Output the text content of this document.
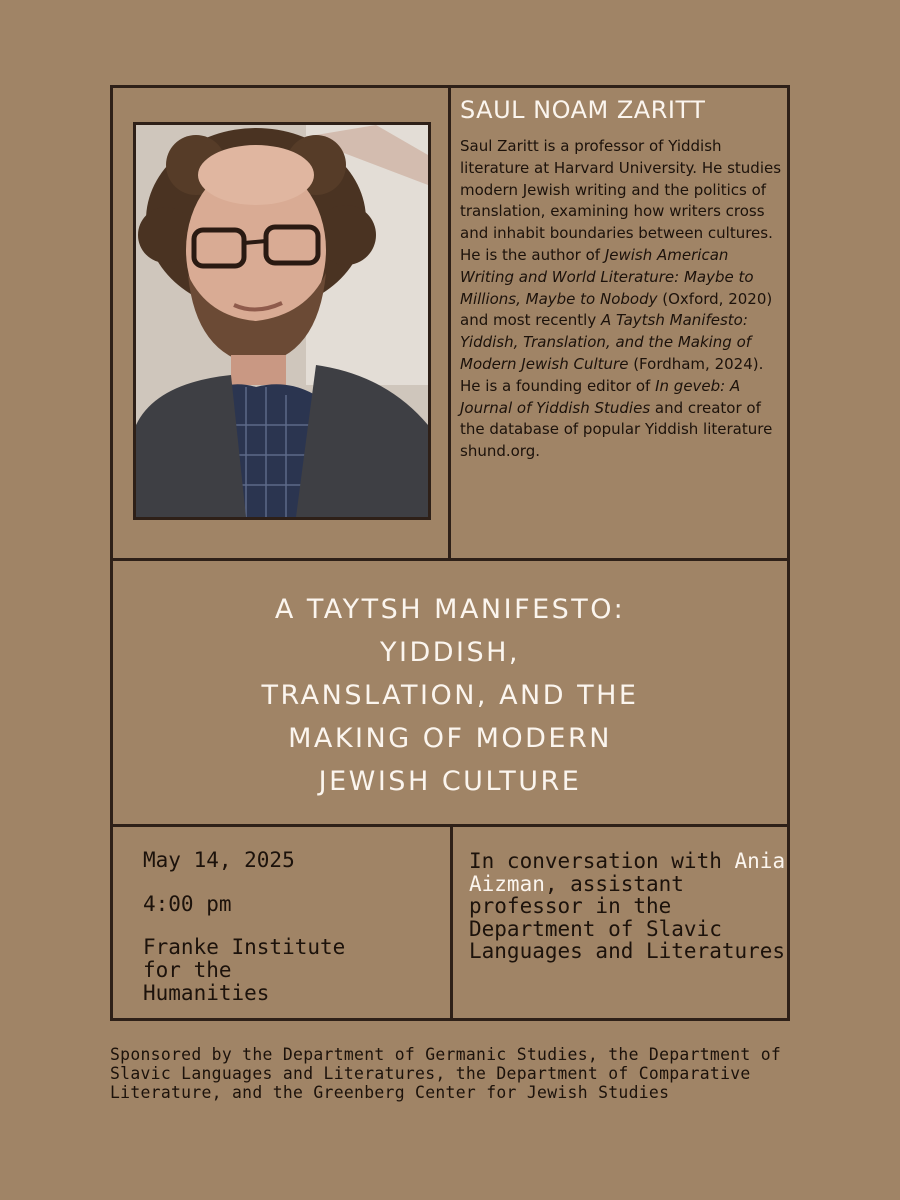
SAUL NOAM ZARITT

Saul Zaritt is a professor of Yiddish literature at Harvard University. He studies modern Jewish writing and the politics of translation, examining how writers cross and inhabit boundaries between cultures. He is the author of Jewish American Writing and World Literature: Maybe to Millions, Maybe to Nobody (Oxford, 2020) and most recently A Taytsh Manifesto: Yiddish, Translation, and the Making of Modern Jewish Culture (Fordham, 2024). He is a founding editor of In geveb: A Journal of Yiddish Studies and creator of the database of popular Yiddish literature shund.org.

A TAYTSH MANIFESTO:
YIDDISH,
TRANSLATION, AND THE
MAKING OF MODERN
JEWISH CULTURE
May 14, 2025
4:00 pm
Franke Institute
for the
Humanities
In conversation with Ania Aizman, assistant professor in the Department of Slavic Languages and Literatures
Sponsored by the Department of Germanic Studies, the Department of Slavic Languages and Literatures, the Department of Comparative Literature, and the Greenberg Center for Jewish Studies
